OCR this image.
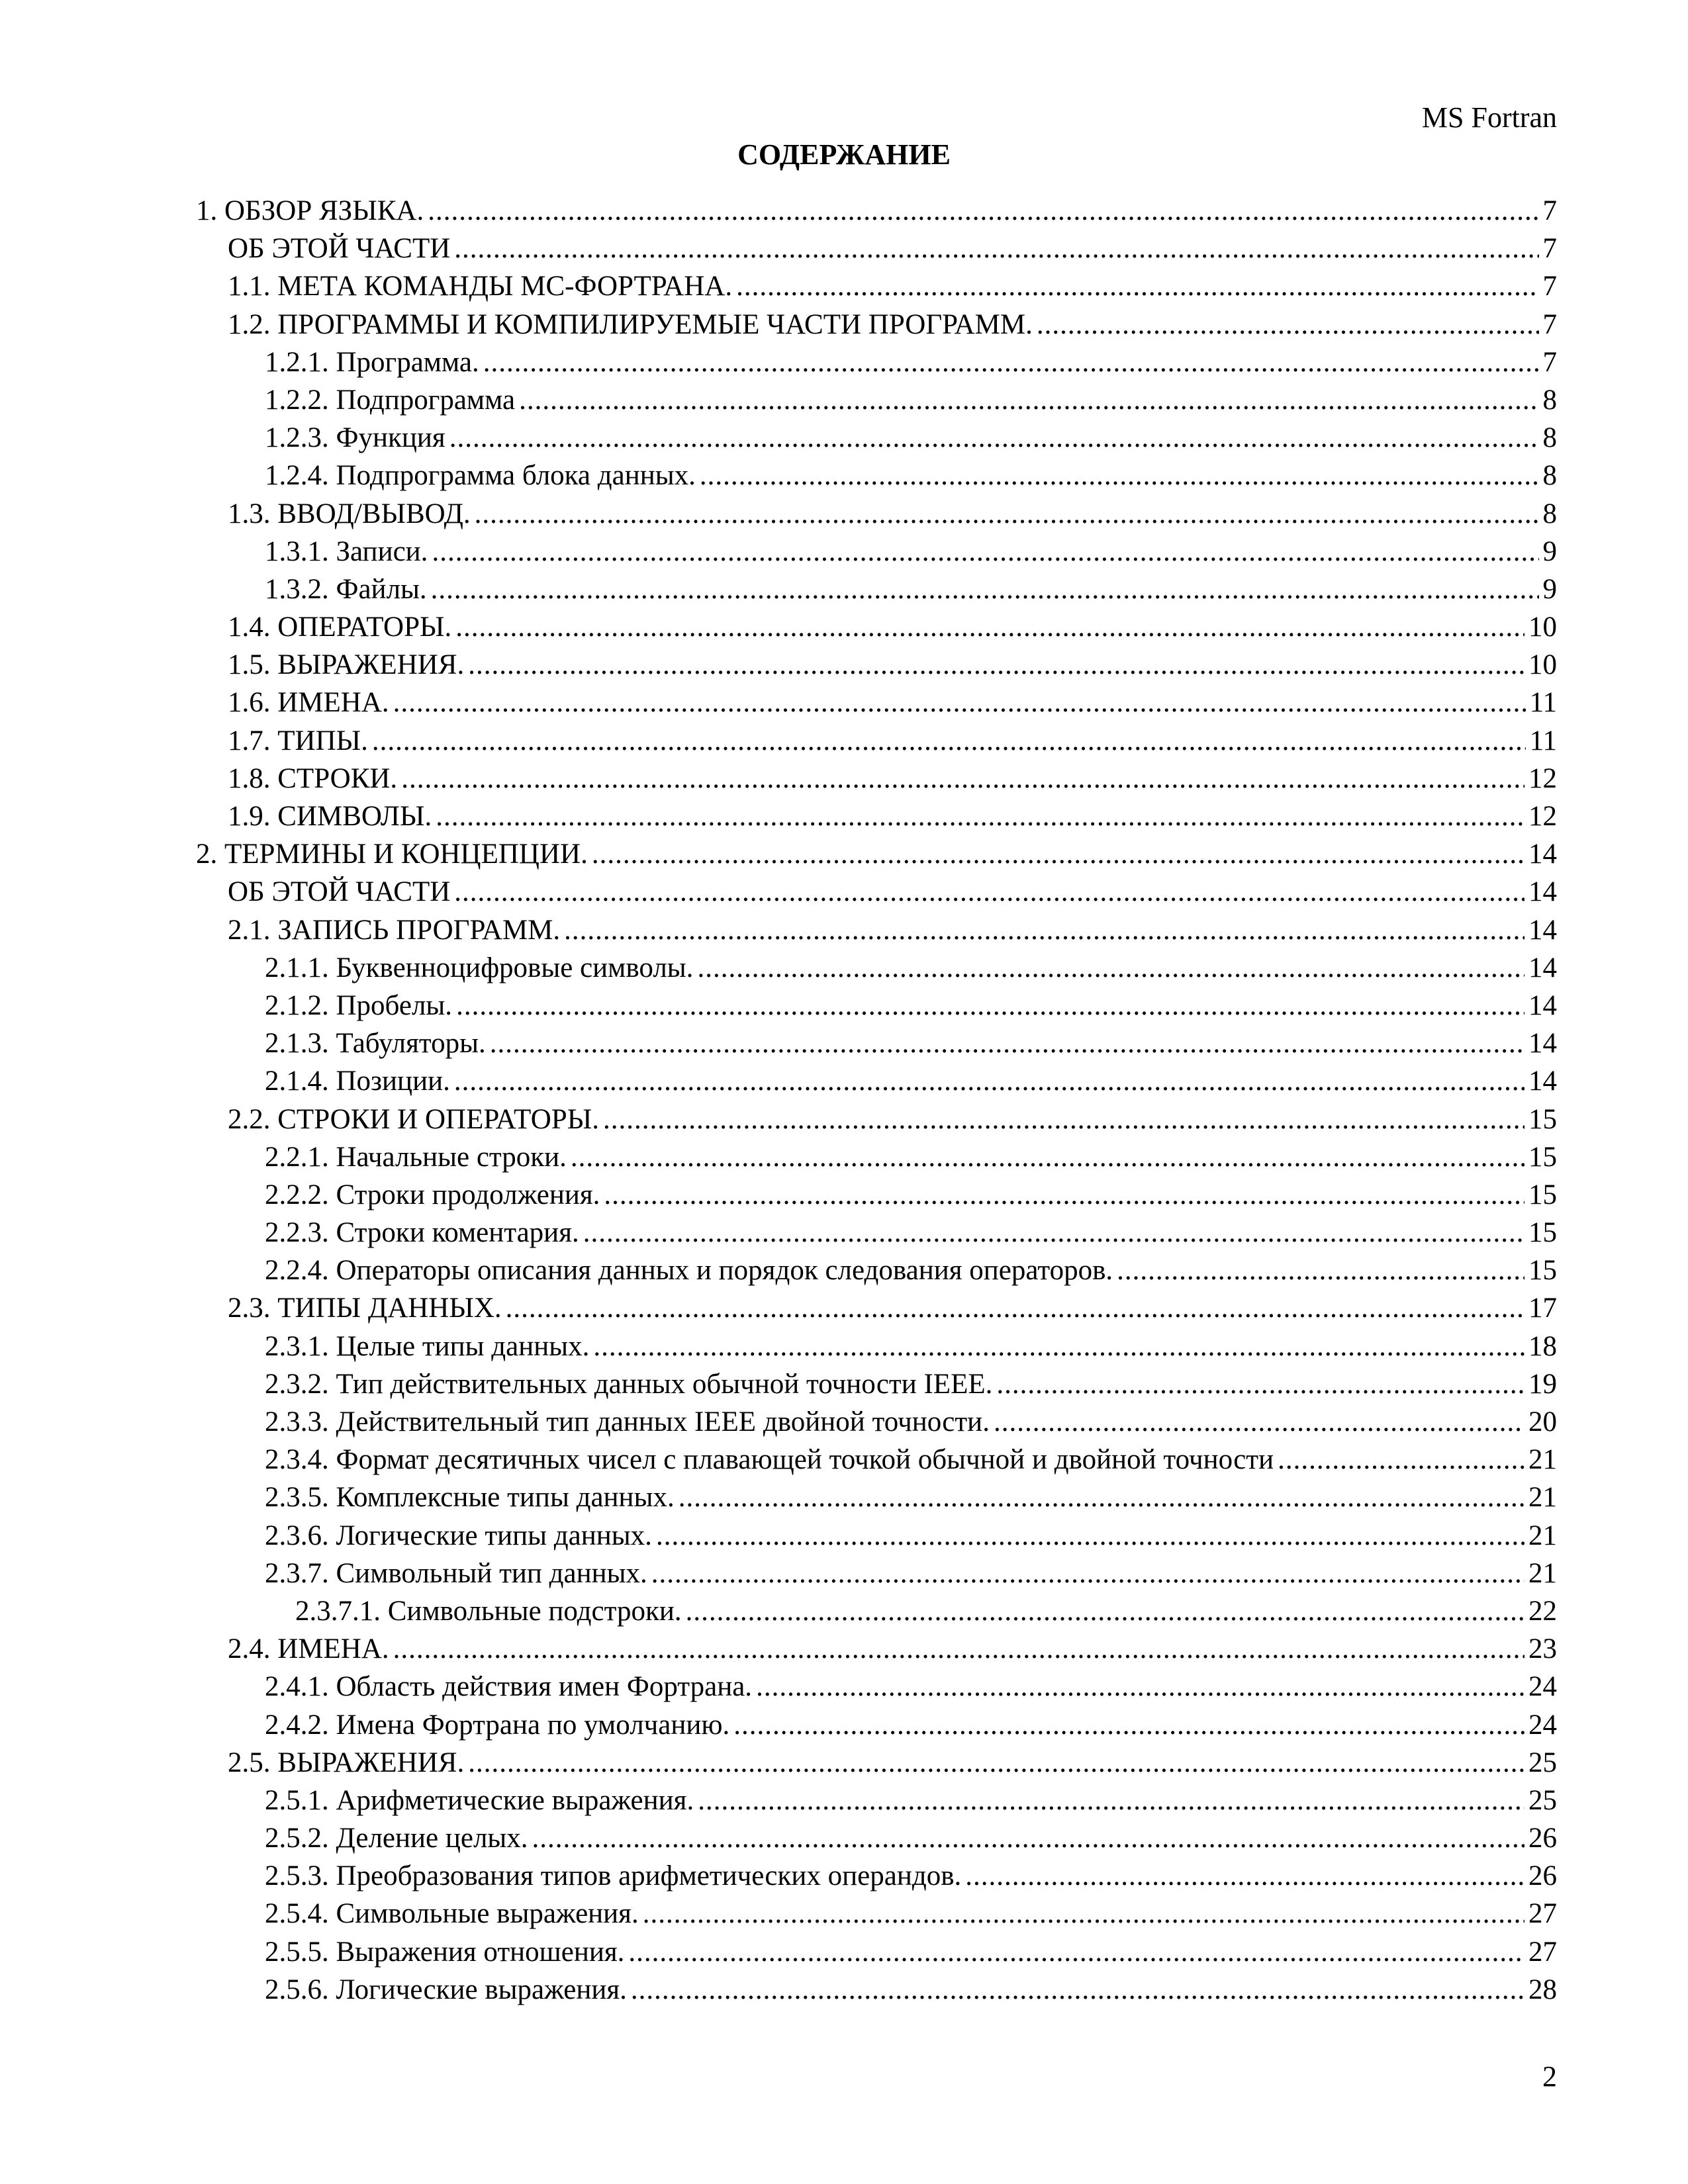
MS Fortran
СОДЕРЖАНИЕ
1. ОБЗОР ЯЗЫКА. .....	7
ОБ ЭТОЙ ЧАСТИ .....	7
1.1. МЕТА КОМАНДЫ МС-ФОРТРАНА. .....	7
1.2. ПРОГРАММЫ И КОМПИЛИРУЕМЫЕ ЧАСТИ ПРОГРАММ. .....	7
1.2.1. Программа. .....	7
1.2.2. Подпрограмма .....	8
1.2.3. Функция .....	8
1.2.4. Подпрограмма блока данных. .....	8
1.3. ВВОД/ВЫВОД. .....	8
1.3.1. Записи. .....	9
1.3.2. Файлы. .....	9
1.4. ОПЕРАТОРЫ. .....	10
1.5. ВЫРАЖЕНИЯ. .....	10
1.6. ИМЕНА. .....	11
1.7. ТИПЫ. .....	11
1.8. СТРОКИ. .....	12
1.9. СИМВОЛЫ. .....	12
2. ТЕРМИНЫ И КОНЦЕПЦИИ. .....	14
ОБ ЭТОЙ ЧАСТИ .....	14
2.1. ЗАПИСЬ ПРОГРАММ. .....	14
2.1.1. Буквенноцифровые символы. .....	14
2.1.2. Пробелы. .....	14
2.1.3. Табуляторы. .....	14
2.1.4. Позиции. .....	14
2.2. СТРОКИ И ОПЕРАТОРЫ. .....	15
2.2.1. Начальные строки. .....	15
2.2.2. Строки продолжения. .....	15
2.2.3. Строки коментария. .....	15
2.2.4. Операторы описания данных и порядок следования операторов. .....	15
2.3. ТИПЫ ДАННЫХ. .....	17
2.3.1. Целые типы данных. .....	18
2.3.2. Тип действительных данных обычной точности IEEE. .....	19
2.3.3. Действительный тип данных IEEE двойной точности. .....	20
2.3.4. Формат десятичных чисел с плавающей точкой обычной и двойной точности .....	21
2.3.5. Комплексные типы данных. .....	21
2.3.6. Логические типы данных. .....	21
2.3.7. Символьный тип данных. .....	21
2.3.7.1. Символьные подстроки. .....	22
2.4. ИМЕНА. .....	23
2.4.1. Область действия имен Фортрана. .....	24
2.4.2. Имена Фортрана по умолчанию. .....	24
2.5. ВЫРАЖЕНИЯ. .....	25
2.5.1. Арифметические выражения. .....	25
2.5.2. Деление целых. .....	26
2.5.3. Преобразования типов арифметических операндов. .....	26
2.5.4. Символьные выражения. .....	27
2.5.5. Выражения отношения. .....	27
2.5.6. Логические выражения. .....	28
2
